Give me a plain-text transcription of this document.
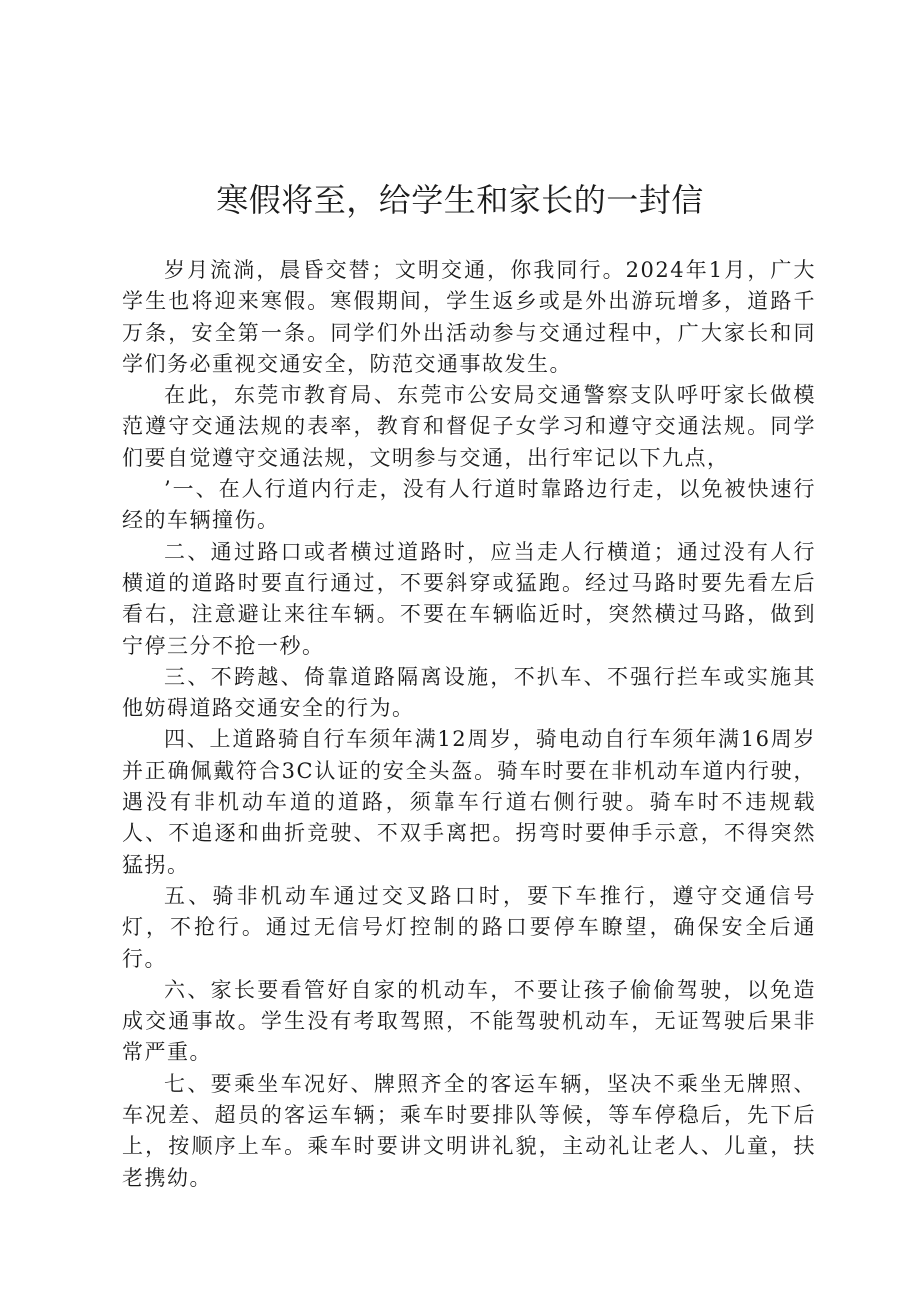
寒假将至，给学生和家长的一封信

岁月流淌，晨昏交替；文明交通，你我同行。2024年1月，广大学生也将迎来寒假。寒假期间，学生返乡或是外出游玩增多，道路千万条，安全第一条。同学们外出活动参与交通过程中，广大家长和同学们务必重视交通安全，防范交通事故发生。

在此，东莞市教育局、东莞市公安局交通警察支队呼吁家长做模范遵守交通法规的表率，教育和督促子女学习和遵守交通法规。同学们要自觉遵守交通法规，文明参与交通，出行牢记以下九点，

’一、在人行道内行走，没有人行道时靠路边行走，以免被快速行经的车辆撞伤。

二、通过路口或者横过道路时，应当走人行横道；通过没有人行横道的道路时要直行通过，不要斜穿或猛跑。经过马路时要先看左后看右，注意避让来往车辆。不要在车辆临近时，突然横过马路，做到宁停三分不抢一秒。

三、不跨越、倚靠道路隔离设施，不扒车、不强行拦车或实施其他妨碍道路交通安全的行为。

四、上道路骑自行车须年满12周岁，骑电动自行车须年满16周岁并正确佩戴符合3C认证的安全头盔。骑车时要在非机动车道内行驶，遇没有非机动车道的道路，须靠车行道右侧行驶。骑车时不违规载人、不追逐和曲折竞驶、不双手离把。拐弯时要伸手示意，不得突然猛拐。

五、骑非机动车通过交叉路口时，要下车推行，遵守交通信号灯，不抢行。通过无信号灯控制的路口要停车瞭望，确保安全后通行。

六、家长要看管好自家的机动车，不要让孩子偷偷驾驶，以免造成交通事故。学生没有考取驾照，不能驾驶机动车，无证驾驶后果非常严重。

七、要乘坐车况好、牌照齐全的客运车辆，坚决不乘坐无牌照、车况差、超员的客运车辆；乘车时要排队等候，等车停稳后，先下后上，按顺序上车。乘车时要讲文明讲礼貌，主动礼让老人、儿童，扶老携幼。
